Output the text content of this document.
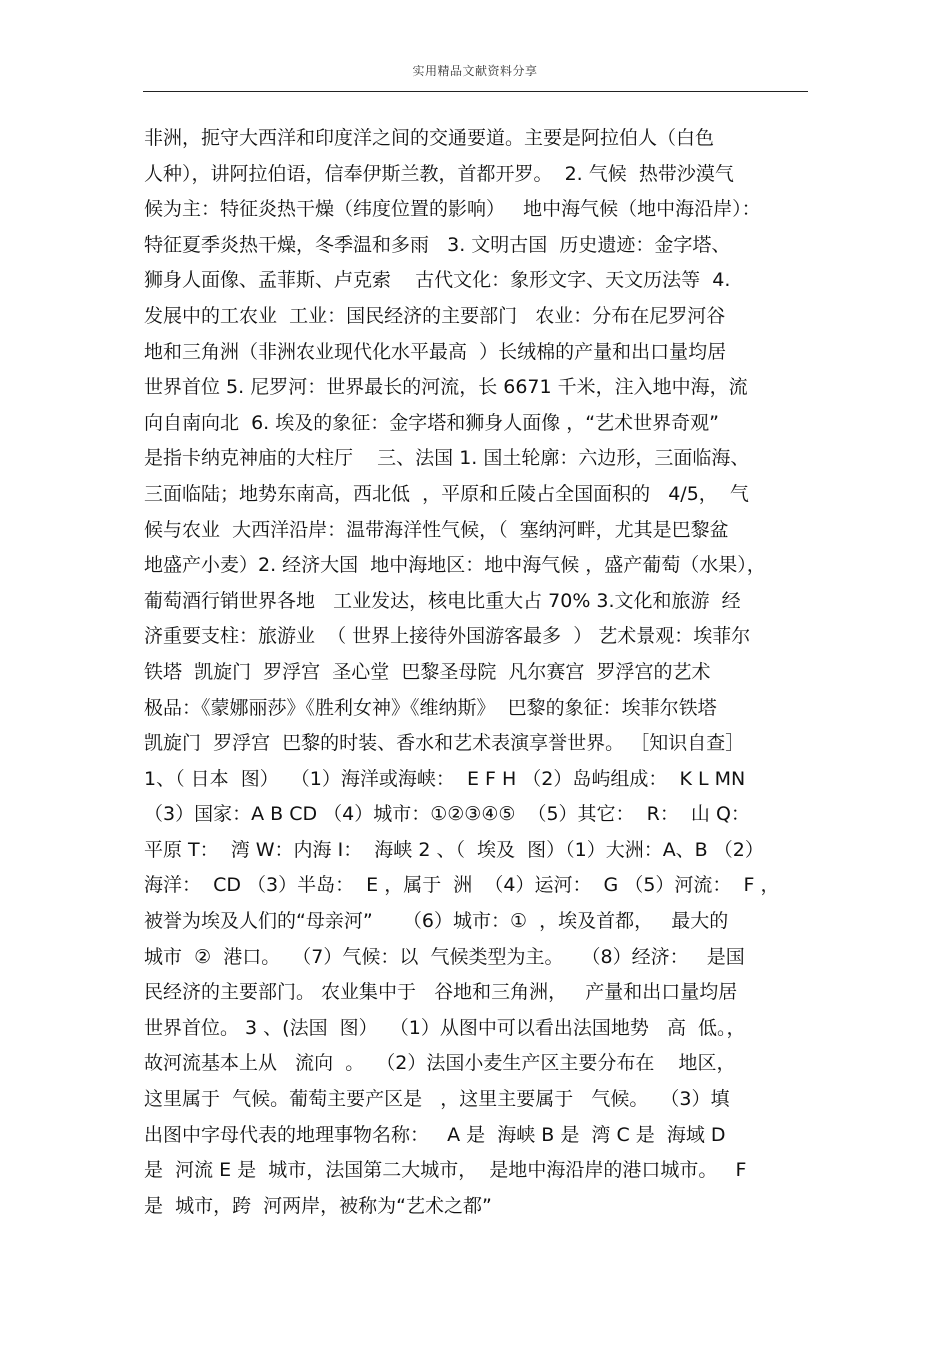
实用精品文献资料分享
非洲，扼守大西洋和印度洋之间的交通要道。主要是阿拉伯人（白色
人种），讲阿拉伯语，信奉伊斯兰教，首都开罗。  2. 气候  热带沙漠气
候为主：特征炎热干燥（纬度位置的影响）   地中海气候（地中海沿岸）：
特征夏季炎热干燥，冬季温和多雨   3. 文明古国  历史遗迹：金字塔、
狮身人面像、孟菲斯、卢克索    古代文化：象形文字、天文历法等  4.
发展中的工农业  工业：国民经济的主要部门   农业：分布在尼罗河谷
地和三角洲（非洲农业现代化水平最高  ）长绒棉的产量和出口量均居
世界首位 5. 尼罗河：世界最长的河流，长 6671 千米，注入地中海，流
向自南向北  6. 埃及的象征：金字塔和狮身人面像 ，“艺术世界奇观”
是指卡纳克神庙的大柱厅    三、法国 1. 国土轮廓：六边形，三面临海、
三面临陆；地势东南高，西北低  ，平原和丘陵占全国面积的   4/5，  气
候与农业  大西洋沿岸：温带海洋性气候，（  塞纳河畔，尤其是巴黎盆
地盛产小麦）2. 经济大国  地中海地区：地中海气候 ，盛产葡萄（水果），
葡萄酒行销世界各地   工业发达，核电比重大占 70% 3.文化和旅游  经
济重要支柱：旅游业  （ 世界上接待外国游客最多  ） 艺术景观：埃菲尔
铁塔  凯旋门  罗浮宫  圣心堂  巴黎圣母院  凡尔赛宫  罗浮宫的艺术
极品：《蒙娜丽莎》《胜利女神》《维纳斯》  巴黎的象征：埃菲尔铁塔
凯旋门  罗浮宫  巴黎的时装、香水和艺术表演享誉世界。 ［知识自查］
1、（ 日本  图）  （1）海洋或海峡：  E F H （2）岛屿组成：  K L MN
（3）国家：A B CD （4）城市：①②③④⑤  （5）其它：  R：  山 Q：
平原 T：  湾 W：内海 I：  海峡 2 、（  埃及  图）（1）大洲：A、B （2）
海洋：  CD （3）半岛：  E ，属于  洲  （4）运河：  G （5）河流：  F ，
被誉为埃及人们的“母亲河”     （6）城市：①  ，埃及首都，   最大的
城市  ②  港口。  （7）气候：以  气候类型为主。   （8）经济：   是国
民经济的主要部门。 农业集中于   谷地和三角洲，   产量和出口量均居
世界首位。 3 、(法国  图）  （1）从图中可以看出法国地势   高  低。，
故河流基本上从   流向  。  （2）法国小麦生产区主要分布在    地区，
这里属于  气候。葡萄主要产区是   ，这里主要属于   气候。  （3）填
出图中字母代表的地理事物名称：   A 是  海峡 B 是  湾 C 是  海域 D
是  河流 E 是  城市，法国第二大城市，  是地中海沿岸的港口城市。   F
是  城市，跨  河两岸，被称为“艺术之都”
